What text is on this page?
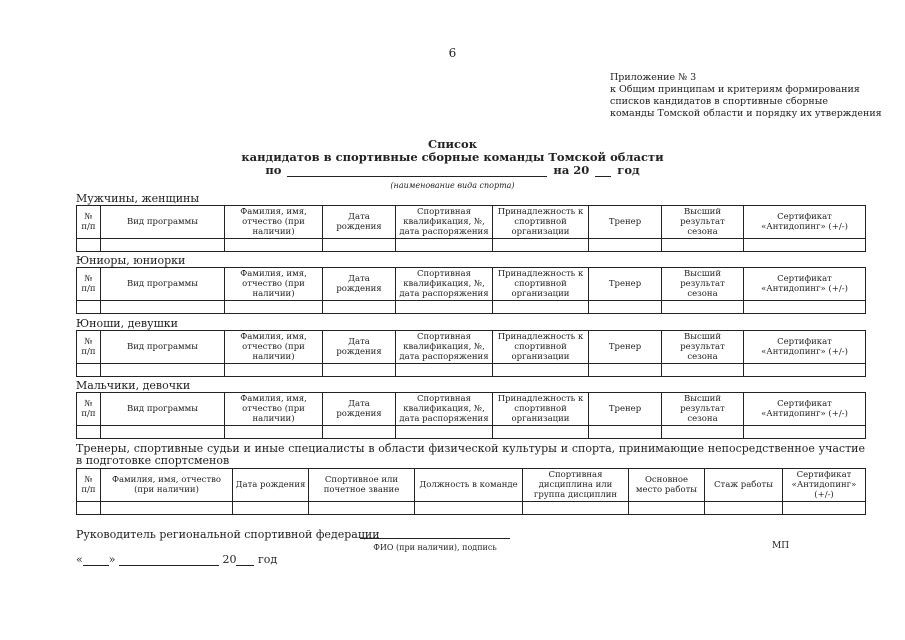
6
Приложение № 3
к Общим принципам и критериям формирования
списков кандидатов в спортивные сборные
команды Томской области и порядку их утверждения
Список
кандидатов в спортивные сборные команды Томской области
по	на 20 год
(наименование вида спорта)
Мужчины, женщины
№ п/п	Вид программы	Фамилия, имя, отчество (при наличии)	Дата рождения	Спортивная квалификация, №, дата распоряжения	Принадлежность к спортивной организации	Тренер	Высший результат сезона	Сертификат «Антидопинг» (+/-)

Юниоры, юниорки
№ п/п	Вид программы	Фамилия, имя, отчество (при наличии)	Дата рождения	Спортивная квалификация, №, дата распоряжения	Принадлежность к спортивной организации	Тренер	Высший результат сезона	Сертификат «Антидопинг» (+/-)

Юноши, девушки
№ п/п	Вид программы	Фамилия, имя, отчество (при наличии)	Дата рождения	Спортивная квалификация, №, дата распоряжения	Принадлежность к спортивной организации	Тренер	Высший результат сезона	Сертификат «Антидопинг» (+/-)

Мальчики, девочки
№ п/п	Вид программы	Фамилия, имя, отчество (при наличии)	Дата рождения	Спортивная квалификация, №, дата распоряжения	Принадлежность к спортивной организации	Тренер	Высший результат сезона	Сертификат «Антидопинг» (+/-)

Тренеры, спортивные судьи и иные специалисты в области физической культуры и спорта, принимающие непосредственное участие в подготовке спортсменов
№ п/п	Фамилия, имя, отчество (при наличии)	Дата рождения	Спортивное или почетное звание	Должность в команде	Спортивная дисциплина или группа дисциплин	Основное место работы	Стаж работы	Сертификат «Антидопинг» (+/-)

Руководитель региональной спортивной федерации
ФИО (при наличии), подпись	МП
« »	20 год
